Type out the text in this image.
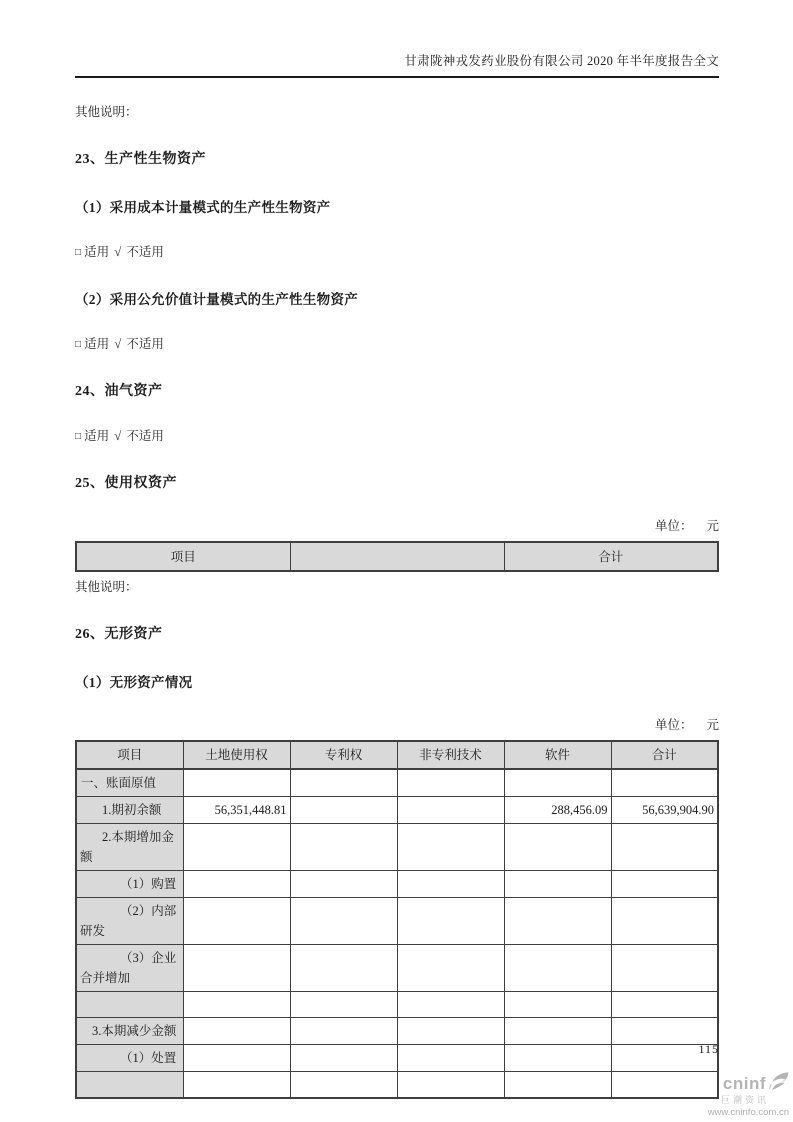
甘肃陇神戎发药业股份有限公司 2020 年半年度报告全文
其他说明：
23、生产性生物资产
（1）采用成本计量模式的生产性生物资产
□ 适用 √ 不适用
（2）采用公允价值计量模式的生产性生物资产
□ 适用 √ 不适用
24、油气资产
□ 适用 √ 不适用
25、使用权资产
单位： 元
项目		合计
其他说明：
26、无形资产
（1）无形资产情况
单位： 元
项目	土地使用权	专利权	非专利技术	软件	合计
一、账面原值					
1.期初余额	56,351,448.81			288,456.09	56,639,904.90
2.本期增加金额					
（1）购置					
（2）内部研发					
（3）企业合并增加					

3.本期减少金额					
（1）处置					

115
cninf
巨潮资讯
www.cninfo.com.cn
